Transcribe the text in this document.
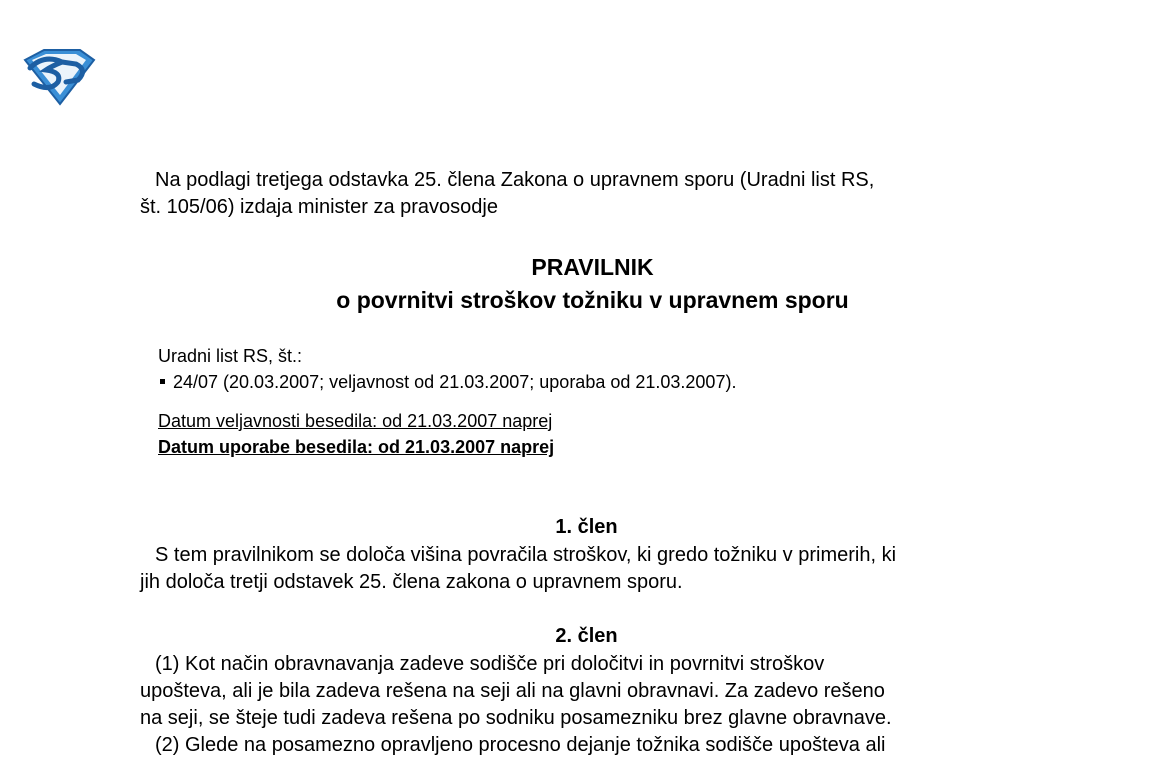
Na podlagi tretjega odstavka 25. člena Zakona o upravnem sporu (Uradni list RS,
št. 105/06) izdaja minister za pravosodje
PRAVILNIK
o povrnitvi stroškov tožniku v upravnem sporu
Uradni list RS, št.:
24/07 (20.03.2007; veljavnost od 21.03.2007; uporaba od 21.03.2007).
Datum veljavnosti besedila: od 21.03.2007 naprej
Datum uporabe besedila: od 21.03.2007 naprej
1. člen
S tem pravilnikom se določa višina povračila stroškov, ki gredo tožniku v primerih, ki
jih določa tretji odstavek 25. člena zakona o upravnem sporu.
2. člen
(1) Kot način obravnavanja zadeve sodišče pri določitvi in povrnitvi stroškov
upošteva, ali je bila zadeva rešena na seji ali na glavni obravnavi. Za zadevo rešeno
na seji, se šteje tudi zadeva rešena po sodniku posamezniku brez glavne obravnave.
(2) Glede na posamezno opravljeno procesno dejanje tožnika sodišče upošteva ali
